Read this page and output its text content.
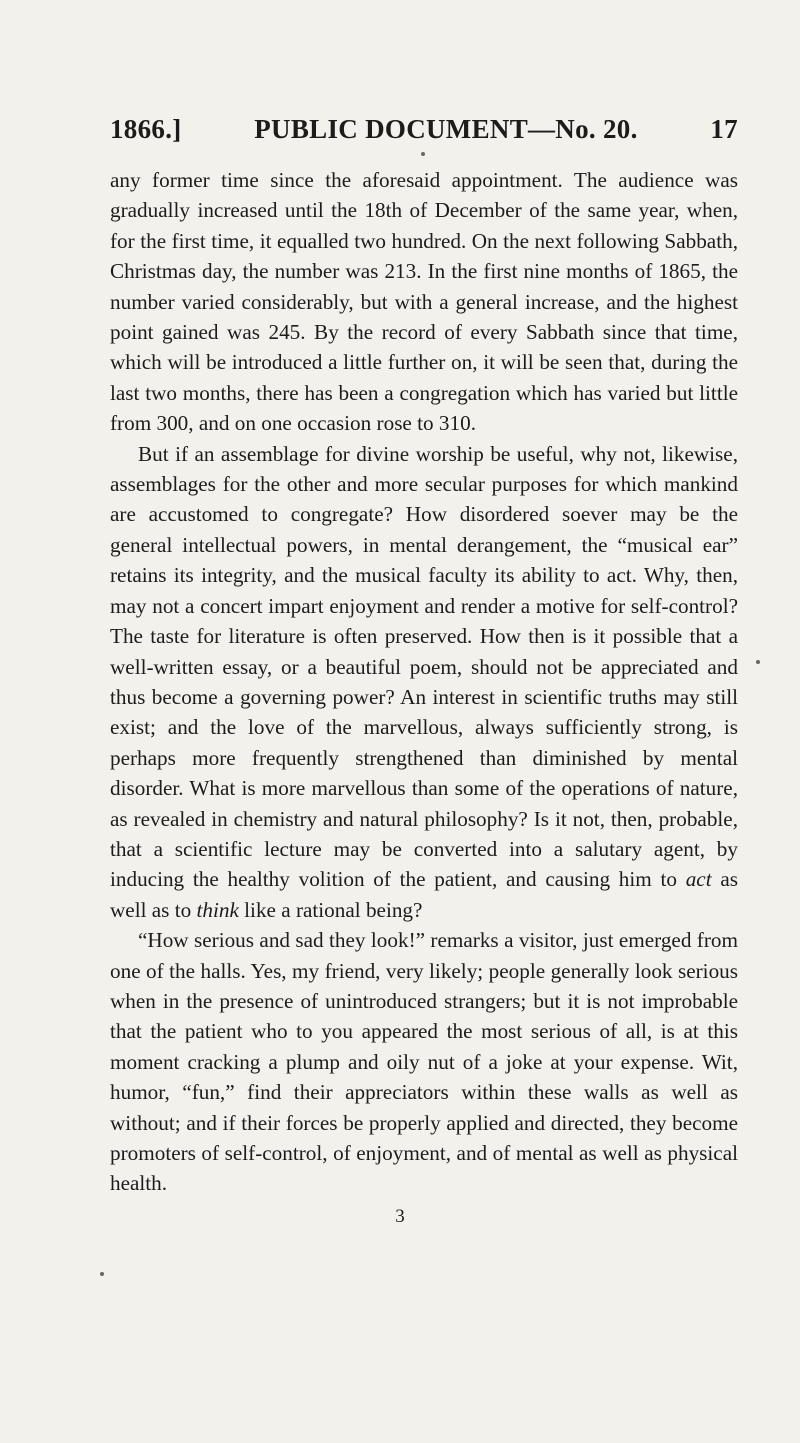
1866.]	PUBLIC DOCUMENT—No. 20.	17

any former time since the aforesaid appointment. The audience was gradually increased until the 18th of December of the same year, when, for the first time, it equalled two hundred. On the next following Sabbath, Christmas day, the number was 213. In the first nine months of 1865, the number varied considerably, but with a general increase, and the highest point gained was 245. By the record of every Sabbath since that time, which will be introduced a little further on, it will be seen that, during the last two months, there has been a congregation which has varied but little from 300, and on one occasion rose to 310.

But if an assemblage for divine worship be useful, why not, likewise, assemblages for the other and more secular purposes for which mankind are accustomed to congregate? How disordered soever may be the general intellectual powers, in mental derangement, the “musical ear” retains its integrity, and the musical faculty its ability to act. Why, then, may not a concert impart enjoyment and render a motive for self-control? The taste for literature is often preserved. How then is it possible that a well-written essay, or a beautiful poem, should not be appreciated and thus become a governing power? An interest in scientific truths may still exist; and the love of the marvellous, always sufficiently strong, is perhaps more frequently strengthened than diminished by mental disorder. What is more marvellous than some of the operations of nature, as revealed in chemistry and natural philosophy? Is it not, then, probable, that a scientific lecture may be converted into a salutary agent, by inducing the healthy volition of the patient, and causing him to act as well as to think like a rational being?

“How serious and sad they look!” remarks a visitor, just emerged from one of the halls. Yes, my friend, very likely; people generally look serious when in the presence of unintroduced strangers; but it is not improbable that the patient who to you appeared the most serious of all, is at this moment cracking a plump and oily nut of a joke at your expense. Wit, humor, “fun,” find their appreciators within these walls as well as without; and if their forces be properly applied and directed, they become promoters of self-control, of enjoyment, and of mental as well as physical health.

3
